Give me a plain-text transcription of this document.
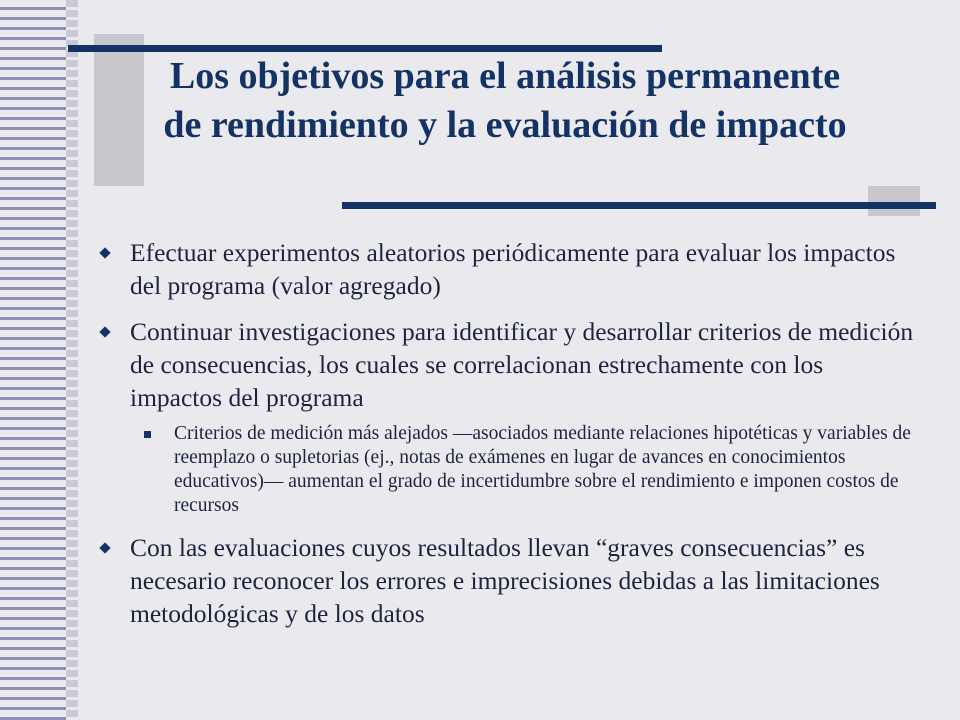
Los objetivos para el análisis permanente de rendimiento y la evaluación de impacto
Efectuar experimentos aleatorios periódicamente para evaluar los impactos del programa (valor agregado)
Continuar investigaciones para identificar y desarrollar criterios de medición de consecuencias, los cuales se correlacionan estrechamente con los impactos del programa
Criterios de medición más alejados —asociados mediante relaciones hipotéticas y variables de reemplazo o supletorias (ej., notas de exámenes en lugar de avances en conocimientos educativos)— aumentan el grado de incertidumbre sobre el rendimiento e imponen costos de recursos
Con las evaluaciones cuyos resultados llevan “graves consecuencias” es necesario reconocer los errores e imprecisiones debidas a las limitaciones metodológicas y de los datos
